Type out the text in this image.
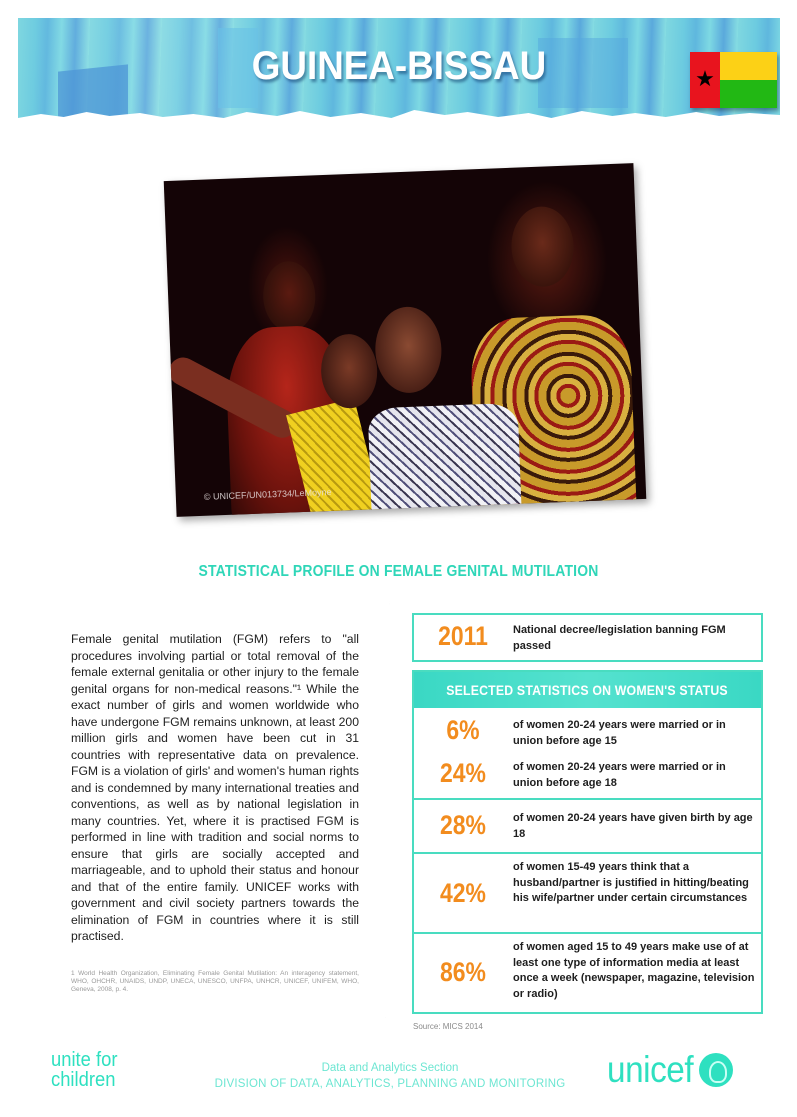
GUINEA-BISSAU	★
© UNICEF/UN013734/LeMoyne
STATISTICAL PROFILE ON FEMALE GENITAL MUTILATION

Female genital mutilation (FGM) refers to "all procedures involving partial or total removal of the female external genitalia or other injury to the female genital organs for non-medical reasons."¹ While the exact number of girls and women worldwide who have undergone FGM remains unknown, at least 200 million girls and women have been cut in 31 countries with representative data on prevalence. FGM is a violation of girls' and women's human rights and is condemned by many international treaties and conventions, as well as by national legislation in many countries. Yet, where it is practised FGM is performed in line with tradition and social norms to ensure that girls are socially accepted and marriageable, and to uphold their status and honour and that of the entire family. UNICEF works with government and civil society partners towards the elimination of FGM in countries where it is still practised.

1 World Health Organization, Eliminating Female Genital Mutilation: An interagency statement, WHO, OHCHR, UNAIDS, UNDP, UNECA, UNESCO, UNFPA, UNHCR, UNICEF, UNIFEM, WHO, Geneva, 2008, p. 4.

2011	National decree/legislation banning FGM passed
SELECTED STATISTICS ON WOMEN'S STATUS
6%	of women 20-24 years were married or in union before age 15
24%	of women 20-24 years were married or in union before age 18
28%	of women 20-24 years have given birth by age 18
42%
of women 15-49 years think that a husband/partner is justified in hitting/beating his wife/partner under certain circumstances
86%
of women aged 15 to 49 years make use of at least one type of information media at least once a week (newspaper, magazine, television or radio)
Source: MICS 2014
unite for
children
Data and Analytics Section
DIVISION OF DATA, ANALYTICS, PLANNING AND MONITORING	unicef
